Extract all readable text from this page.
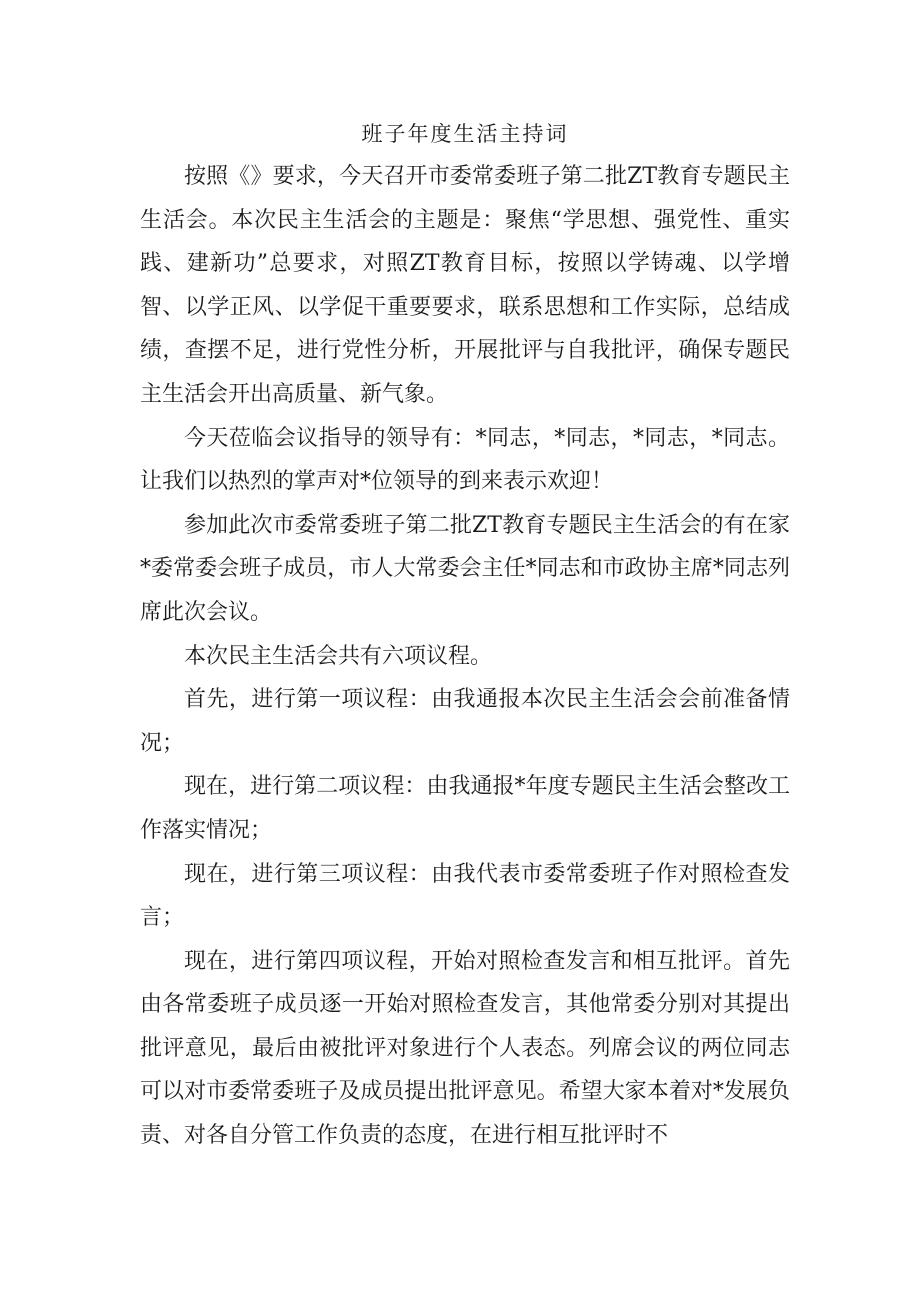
班子年度生活主持词

按照《》要求，今天召开市委常委班子第二批ZT教育专题民主生活会。本次民主生活会的主题是：聚焦“学思想、强党性、重实践、建新功”总要求，对照ZT教育目标，按照以学铸魂、以学增智、以学正风、以学促干重要要求，联系思想和工作实际，总结成绩，查摆不足，进行党性分析，开展批评与自我批评，确保专题民主生活会开出高质量、新气象。

今天莅临会议指导的领导有：*同志，*同志，*同志，*同志。让我们以热烈的掌声对*位领导的到来表示欢迎！

参加此次市委常委班子第二批ZT教育专题民主生活会的有在家*委常委会班子成员，市人大常委会主任*同志和市政协主席*同志列席此次会议。

本次民主生活会共有六项议程。

首先，进行第一项议程：由我通报本次民主生活会会前准备情况；

现在，进行第二项议程：由我通报*年度专题民主生活会整改工作落实情况；

现在，进行第三项议程：由我代表市委常委班子作对照检查发言；

现在，进行第四项议程，开始对照检查发言和相互批评。首先由各常委班子成员逐一开始对照检查发言，其他常委分别对其提出批评意见，最后由被批评对象进行个人表态。列席会议的两位同志可以对市委常委班子及成员提出批评意见。希望大家本着对*发展负责、对各自分管工作负责的态度，在进行相互批评时不
